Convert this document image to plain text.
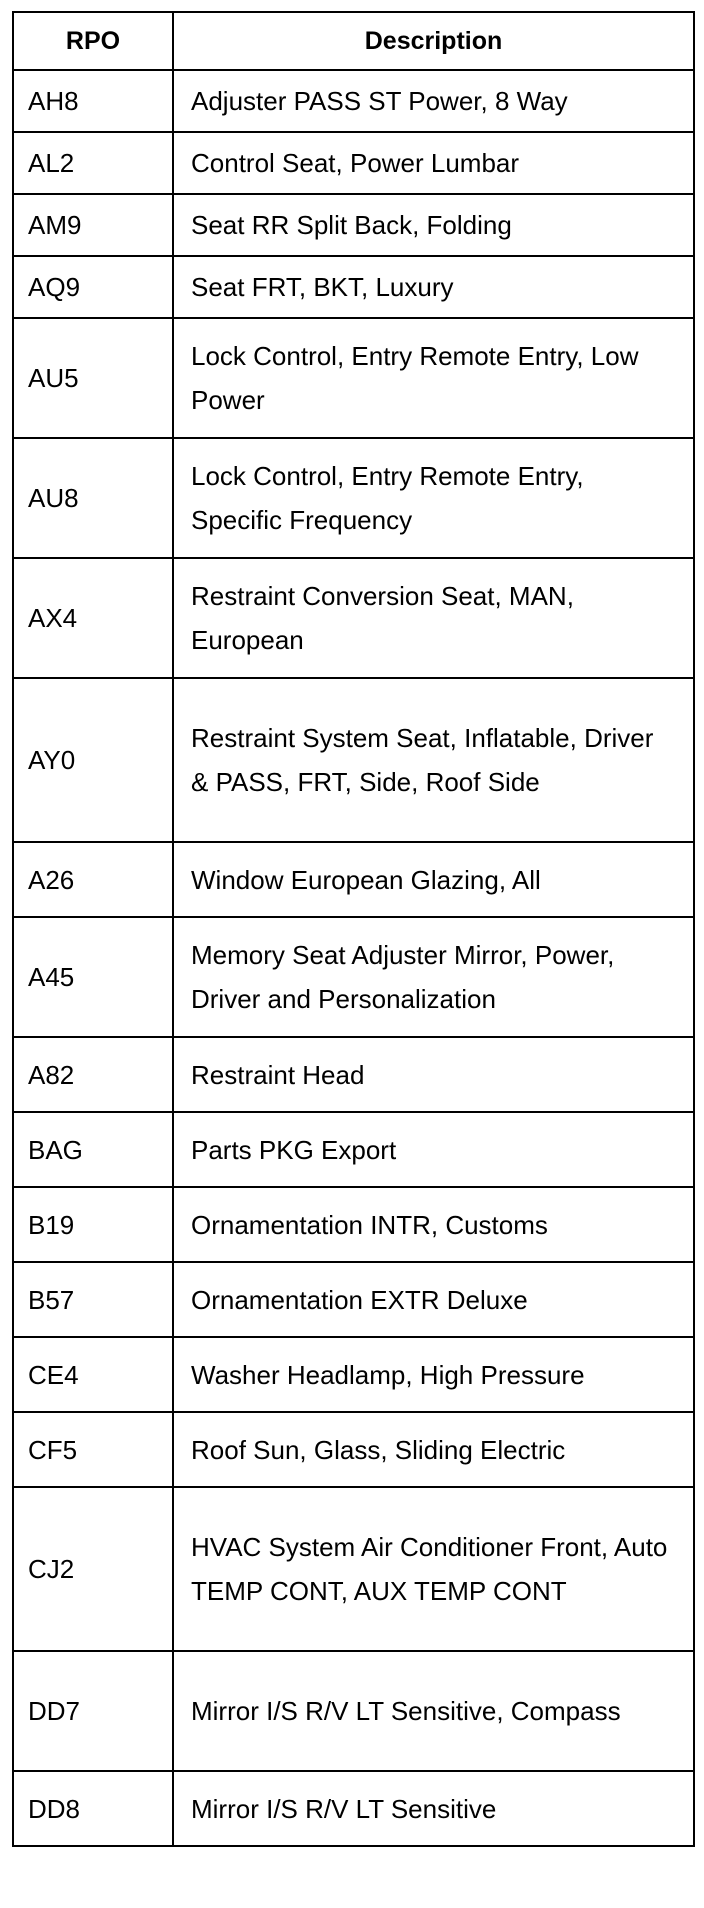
RPO	Description
AH8	Adjuster PASS ST Power, 8 Way
AL2	Control Seat, Power Lumbar
AM9	Seat RR Split Back, Folding
AQ9	Seat FRT, BKT, Luxury
AU5	Lock Control, Entry Remote Entry, Low Power
AU8	Lock Control, Entry Remote Entry, Specific Frequency
AX4	Restraint Conversion Seat, MAN, European
AY0	Restraint System Seat, Inflatable, Driver & PASS, FRT, Side, Roof Side
A26	Window European Glazing, All
A45	Memory Seat Adjuster Mirror, Power, Driver and Personalization
A82	Restraint Head
BAG	Parts PKG Export
B19	Ornamentation INTR, Customs
B57	Ornamentation EXTR Deluxe
CE4	Washer Headlamp, High Pressure
CF5	Roof Sun, Glass, Sliding Electric
CJ2	HVAC System Air Conditioner Front, Auto TEMP CONT, AUX TEMP CONT
DD7	Mirror I/S R/V LT Sensitive, Compass
DD8	Mirror I/S R/V LT Sensitive
